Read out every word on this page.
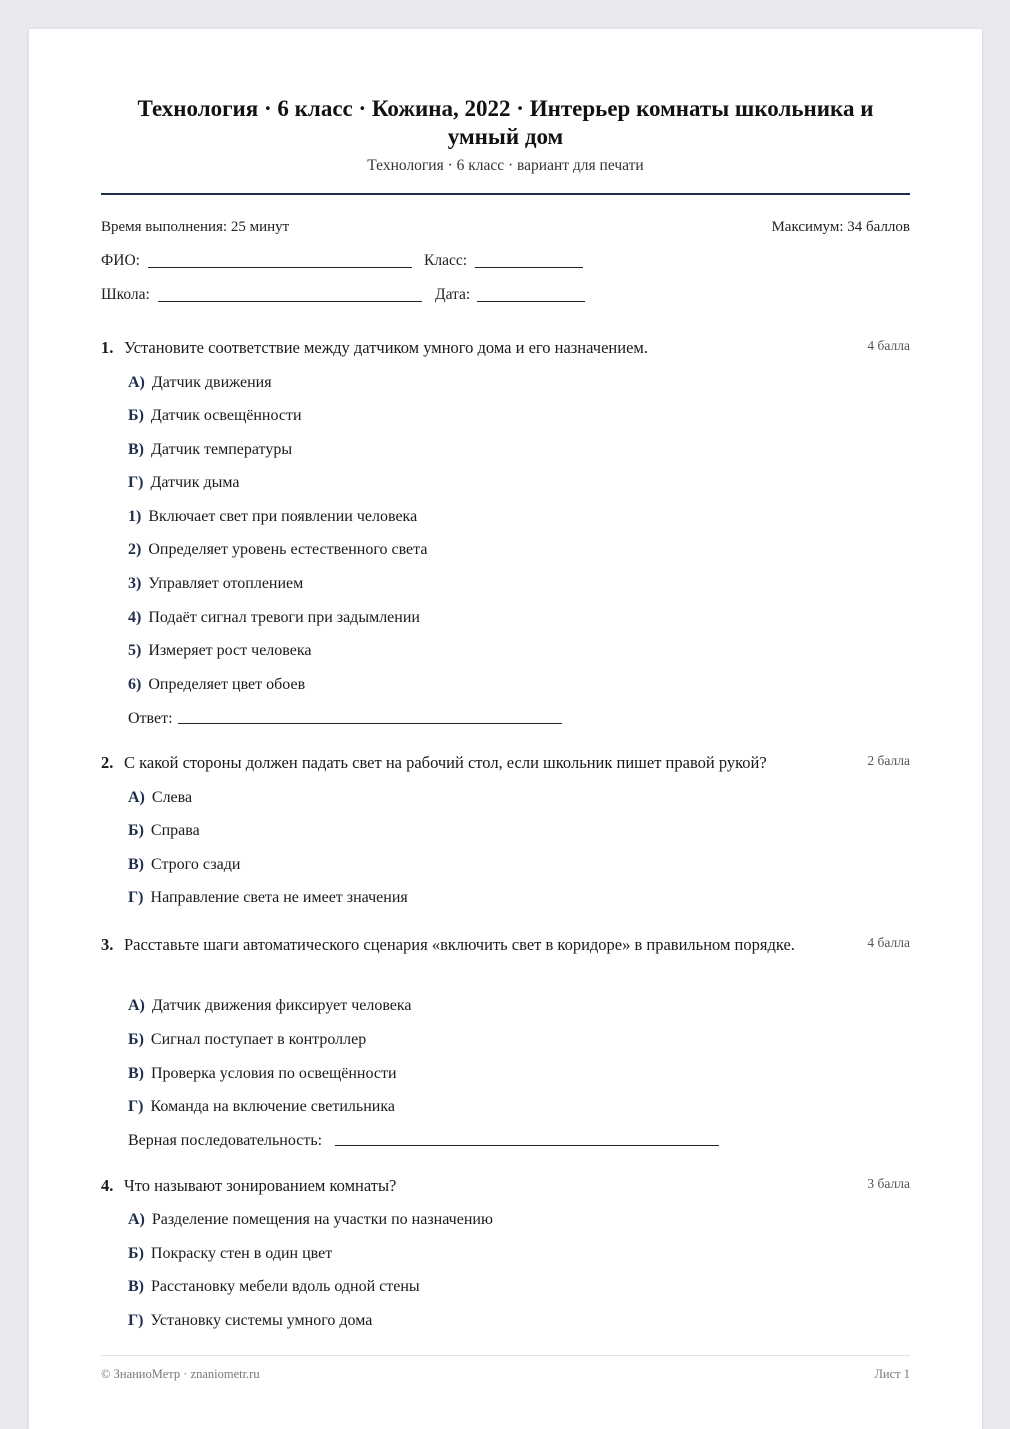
Технология · 6 класс · Кожина, 2022 · Интерьер комнаты школьника и умный дом
Технология · 6 класс · вариант для печати
Время выполнения: 25 минут	Максимум: 34 баллов
ФИО:	Класс:
Школа:	Дата:
1. Установите соответствие между датчиком умного дома и его назначением.	4 балла
А) Датчик движения
Б) Датчик освещённости
В) Датчик температуры
Г) Датчик дыма
1) Включает свет при появлении человека
2) Определяет уровень естественного света
3) Управляет отоплением
4) Подаёт сигнал тревоги при задымлении
5) Измеряет рост человека
6) Определяет цвет обоев
Ответ:
2. С какой стороны должен падать свет на рабочий стол, если школьник пишет правой рукой?	2 балла
А) Слева
Б) Справа
В) Строго сзади
Г) Направление света не имеет значения
3. Расставьте шаги автоматического сценария «включить свет в коридоре» в правильном порядке.	4 балла
А) Датчик движения фиксирует человека
Б) Сигнал поступает в контроллер
В) Проверка условия по освещённости
Г) Команда на включение светильника
Верная последовательность:
4. Что называют зонированием комнаты?	3 балла
А) Разделение помещения на участки по назначению
Б) Покраску стен в один цвет
В) Расстановку мебели вдоль одной стены
Г) Установку системы умного дома
© ЗнаниоМетр · znaniometr.ru	Лист 1
